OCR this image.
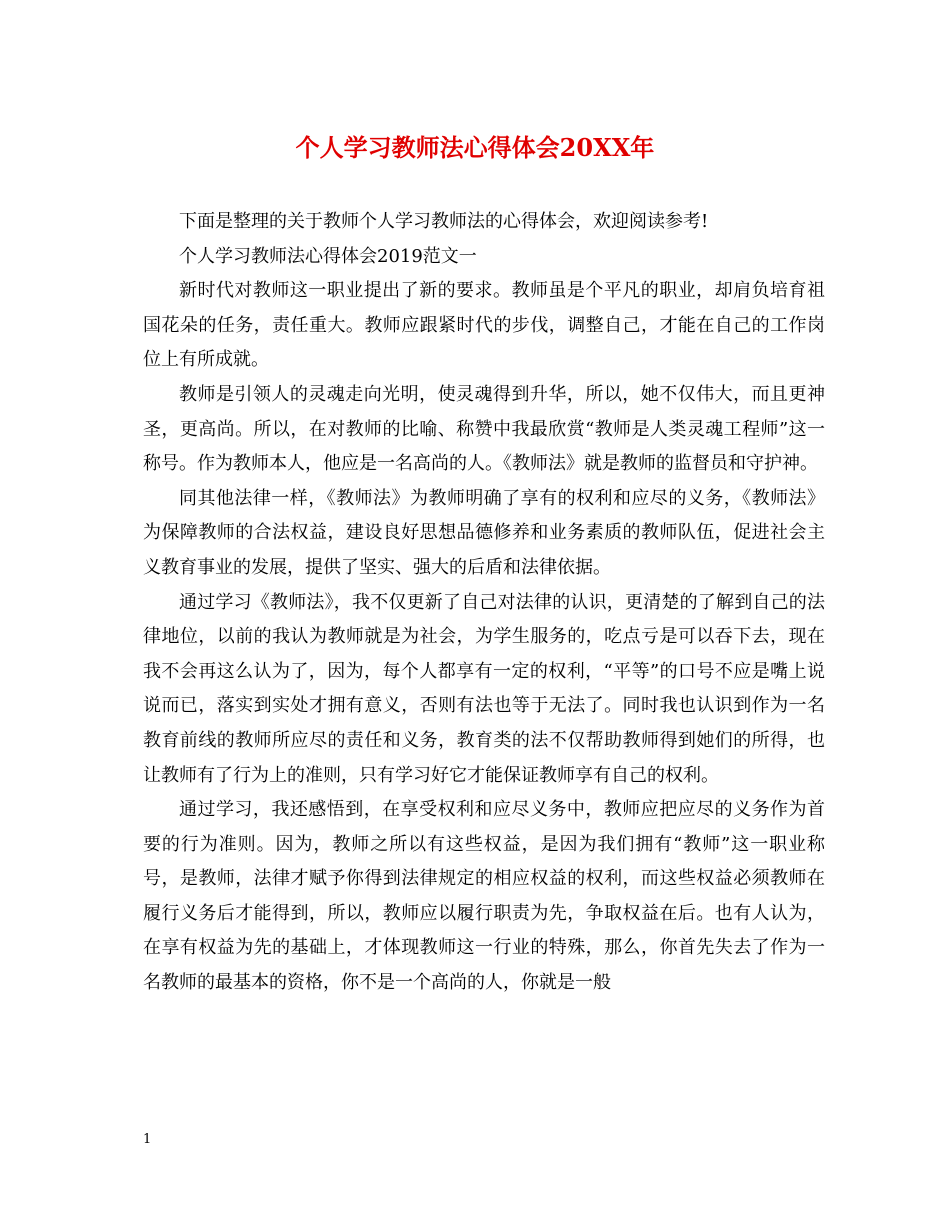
个人学习教师法心得体会20XX年

下面是整理的关于教师个人学习教师法的心得体会，欢迎阅读参考!

个人学习教师法心得体会2019范文一

新时代对教师这一职业提出了新的要求。教师虽是个平凡的职业，却肩负培育祖国花朵的任务，责任重大。教师应跟紧时代的步伐，调整自己，才能在自己的工作岗位上有所成就。

教师是引领人的灵魂走向光明，使灵魂得到升华，所以，她不仅伟大，而且更神圣，更高尚。所以，在对教师的比喻、称赞中我最欣赏“教师是人类灵魂工程师”这一称号。作为教师本人，他应是一名高尚的人。《教师法》就是教师的监督员和守护神。

同其他法律一样，《教师法》为教师明确了享有的权利和应尽的义务，《教师法》为保障教师的合法权益，建设良好思想品德修养和业务素质的教师队伍，促进社会主义教育事业的发展，提供了坚实、强大的后盾和法律依据。

通过学习《教师法》，我不仅更新了自己对法律的认识，更清楚的了解到自己的法律地位，以前的我认为教师就是为社会，为学生服务的，吃点亏是可以吞下去，现在我不会再这么认为了，因为，每个人都享有一定的权利，“平等”的口号不应是嘴上说说而已，落实到实处才拥有意义，否则有法也等于无法了。同时我也认识到作为一名教育前线的教师所应尽的责任和义务，教育类的法不仅帮助教师得到她们的所得，也让教师有了行为上的准则，只有学习好它才能保证教师享有自己的权利。

通过学习，我还感悟到，在享受权利和应尽义务中，教师应把应尽的义务作为首要的行为准则。因为，教师之所以有这些权益，是因为我们拥有“教师”这一职业称号，是教师，法律才赋予你得到法律规定的相应权益的权利，而这些权益必须教师在履行义务后才能得到，所以，教师应以履行职责为先，争取权益在后。也有人认为，在享有权益为先的基础上，才体现教师这一行业的特殊，那么，你首先失去了作为一名教师的最基本的资格，你不是一个高尚的人，你就是一般

1
